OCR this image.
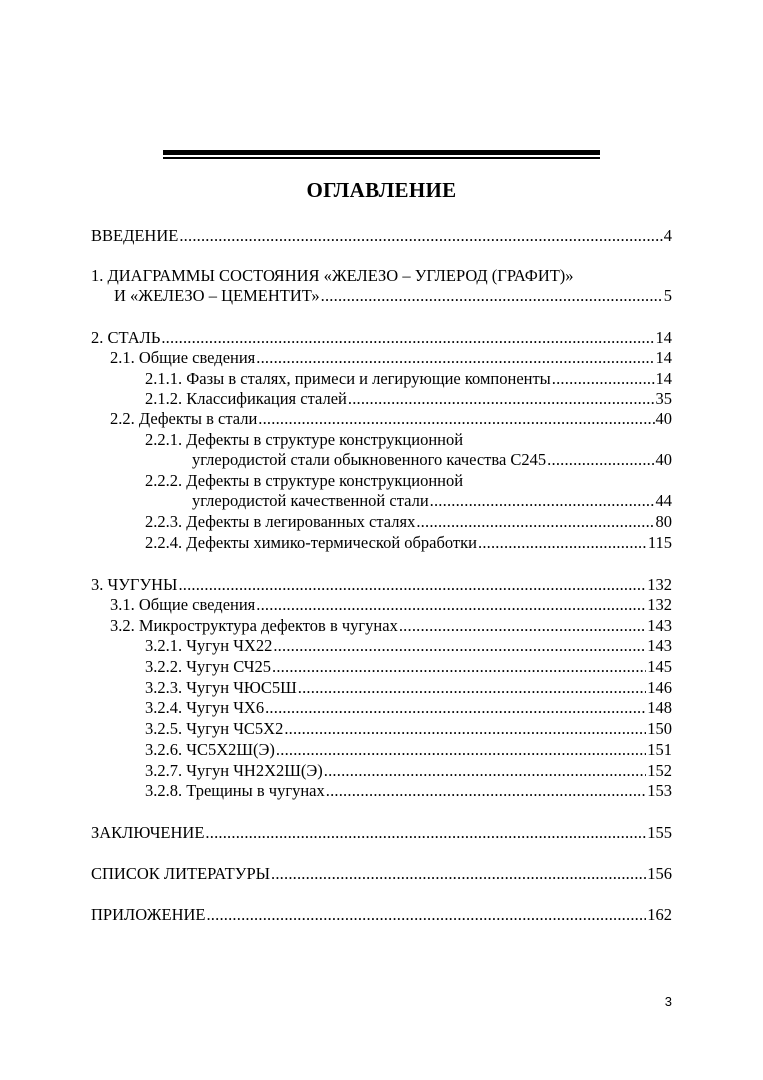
ОГЛАВЛЕНИЕ
ВВЕДЕНИЕ .....	4
1. ДИАГРАММЫ СОСТОЯНИЯ «ЖЕЛЕЗО – УГЛЕРОД (ГРАФИТ)»
И «ЖЕЛЕЗО – ЦЕМЕНТИТ» .....	5
2. СТАЛЬ .....	14
2.1. Общие сведения .....	14
2.1.1. Фазы в сталях, примеси и легирующие компоненты .....	14
2.1.2. Классификация сталей .....	35
2.2. Дефекты в стали .....	40
2.2.1. Дефекты в структуре конструкционной
углеродистой стали обыкновенного качества С245 .....	40
2.2.2. Дефекты в структуре конструкционной
углеродистой качественной стали .....	44
2.2.3. Дефекты в легированных сталях .....	80
2.2.4. Дефекты химико-термической обработки .....	115
3. ЧУГУНЫ .....	132
3.1. Общие сведения .....	132
3.2. Микроструктура дефектов в чугунах .....	143
3.2.1. Чугун ЧХ22 .....	143
3.2.2. Чугун СЧ25 .....	145
3.2.3. Чугун ЧЮС5Ш .....	146
3.2.4. Чугун ЧХ6 .....	148
3.2.5. Чугун ЧС5Х2 .....	150
3.2.6. ЧС5Х2Ш(Э) .....	151
3.2.7. Чугун ЧН2Х2Ш(Э) .....	152
3.2.8. Трещины в чугунах .....	153
ЗАКЛЮЧЕНИЕ .....	155
СПИСОК ЛИТЕРАТУРЫ .....	156
ПРИЛОЖЕНИЕ .....	162
3
